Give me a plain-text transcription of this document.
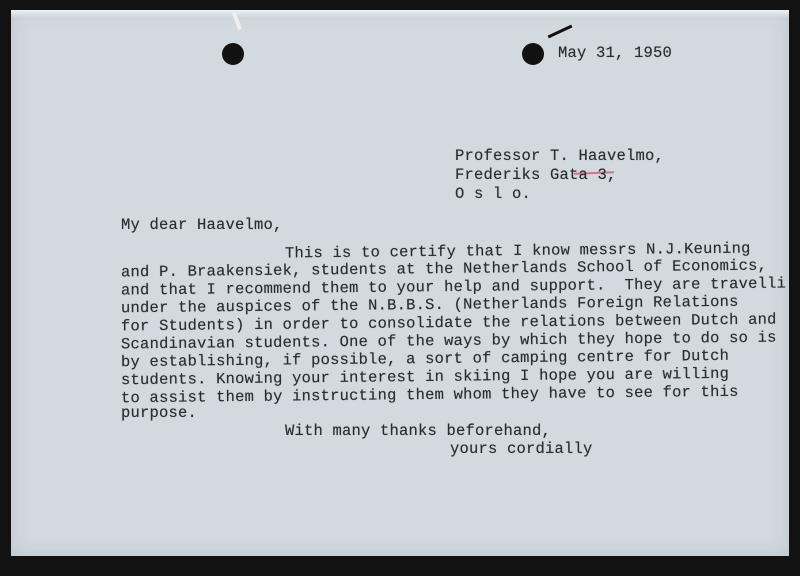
May 31, 1950
Professor T. Haavelmo,
Frederiks Gata 3,
O s l o.
My dear Haavelmo,
This is to certify that I know messrs N.J.Keuning
and P. Braakensiek, students at the Netherlands School of Economics,
and that I recommend them to your help and support.  They are travelli
under the auspices of the N.B.B.S. (Netherlands Foreign Relations
for Students) in order to consolidate the relations between Dutch and
Scandinavian students. One of the ways by which they hope to do so is
by establishing, if possible, a sort of camping centre for Dutch
students. Knowing your interest in skiing I hope you are willing
to assist them by instructing them whom they have to see for this
purpose.
With many thanks beforehand,
yours cordially
